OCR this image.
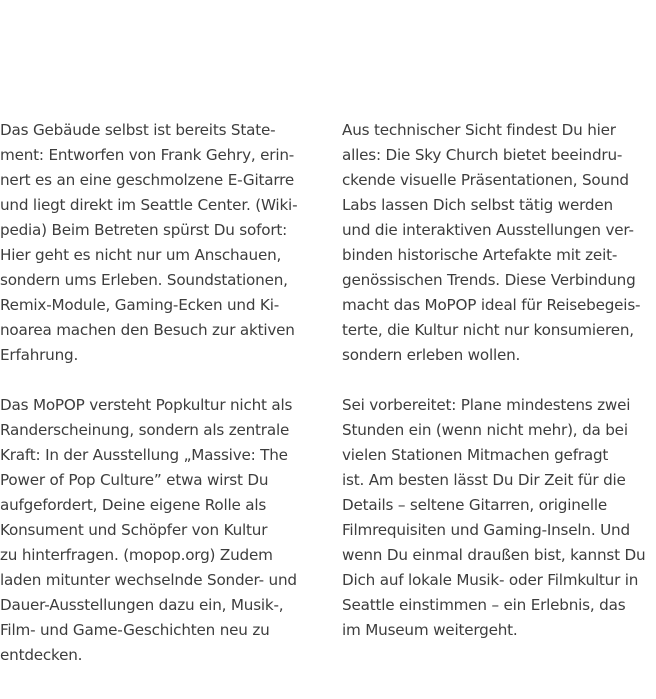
Das Gebäude selbst ist bereits State-
ment: Entworfen von Frank Gehry, erin-
nert es an eine geschmolzene E-Gitarre
und liegt direkt im Seattle Center. (Wiki-
pedia) Beim Betreten spürst Du sofort:
Hier geht es nicht nur um Anschauen,
sondern ums Erleben. Soundstationen,
Remix-Module, Gaming-Ecken und Ki-
noarea machen den Besuch zur aktiven
Erfahrung.

Das MoPOP versteht Popkultur nicht als
Randerscheinung, sondern als zentrale
Kraft: In der Ausstellung „Massive: The
Power of Pop Culture” etwa wirst Du
aufgefordert, Deine eigene Rolle als
Konsument und Schöpfer von Kultur
zu hinterfragen. (mopop.org) Zudem
laden mitunter wechselnde Sonder- und
Dauer-Ausstellungen dazu ein, Musik-,
Film- und Game-Geschichten neu zu
entdecken.

Aus technischer Sicht findest Du hier
alles: Die Sky Church bietet beeindru-
ckende visuelle Präsentationen, Sound
Labs lassen Dich selbst tätig werden
und die interaktiven Ausstellungen ver-
binden historische Artefakte mit zeit-
genössischen Trends. Diese Verbindung
macht das MoPOP ideal für Reisebegeis-
terte, die Kultur nicht nur konsumieren,
sondern erleben wollen.

Sei vorbereitet: Plane mindestens zwei
Stunden ein (wenn nicht mehr), da bei
vielen Stationen Mitmachen gefragt
ist. Am besten lässt Du Dir Zeit für die
Details – seltene Gitarren, originelle
Filmrequisiten und Gaming-Inseln. Und
wenn Du einmal draußen bist, kannst Du
Dich auf lokale Musik- oder Filmkultur in
Seattle einstimmen – ein Erlebnis, das
im Museum weitergeht.
